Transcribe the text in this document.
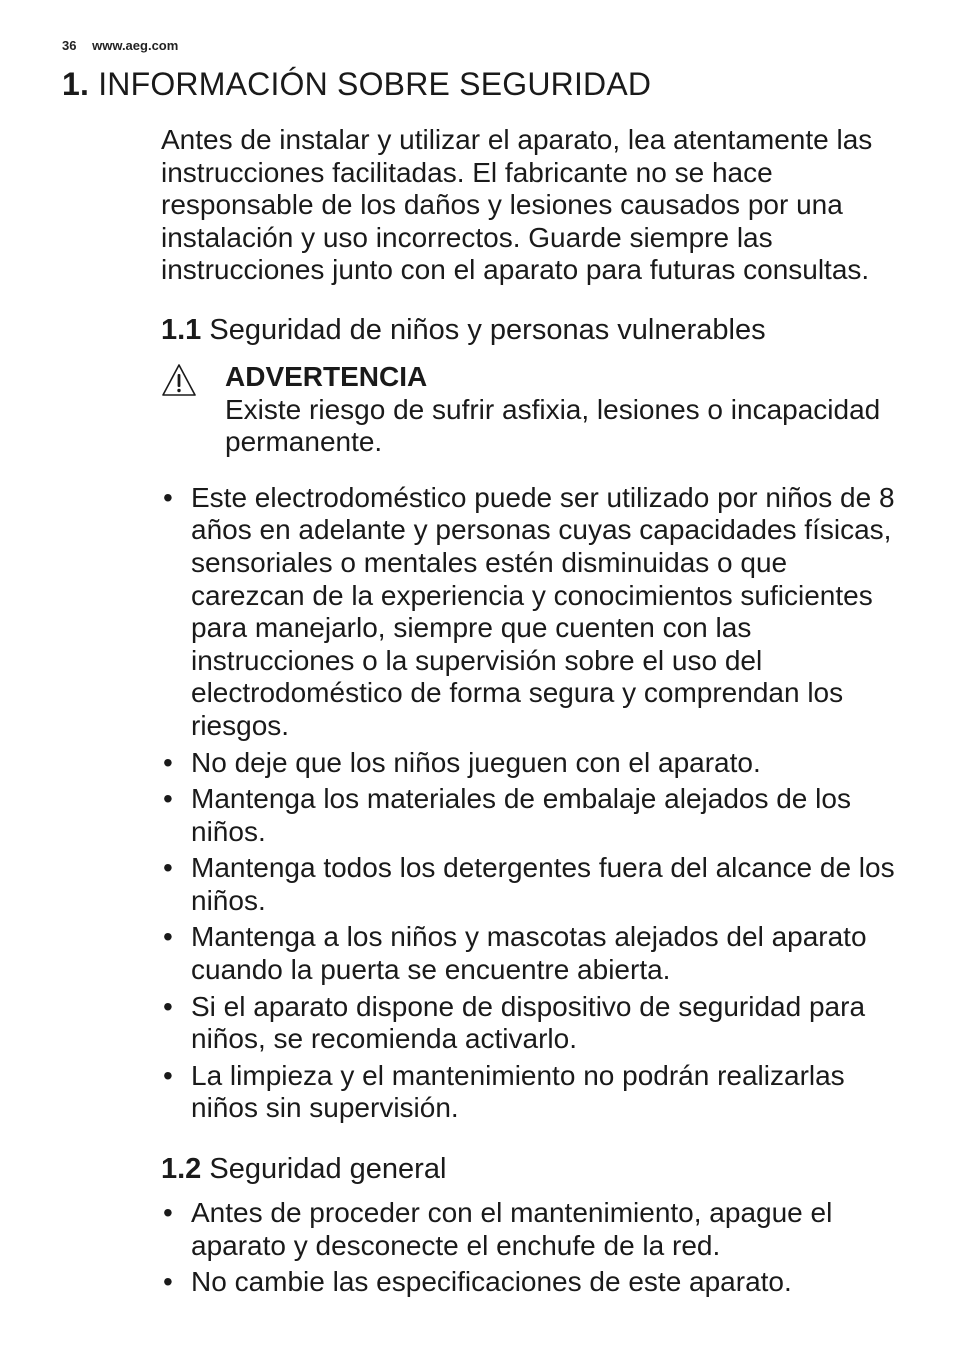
36 www.aeg.com
1. INFORMACIÓN SOBRE SEGURIDAD

Antes de instalar y utilizar el aparato, lea atentamente las instrucciones facilitadas. El fabricante no se hace responsable de los daños y lesiones causados por una instalación y uso incorrectos. Guarde siempre las instrucciones junto con el aparato para futuras consultas.

1.1 Seguridad de niños y personas vulnerables
ADVERTENCIA
Existe riesgo de sufrir asfixia, lesiones o incapacidad permanente.
• Este electrodoméstico puede ser utilizado por niños de 8 años en adelante y personas cuyas capacidades físicas, sensoriales o mentales estén disminuidas o que carezcan de la experiencia y conocimientos suficientes para manejarlo, siempre que cuenten con las instrucciones o la supervisión sobre el uso del electrodoméstico de forma segura y comprendan los riesgos.
• No deje que los niños jueguen con el aparato.
• Mantenga los materiales de embalaje alejados de los niños.
• Mantenga todos los detergentes fuera del alcance de los niños.
• Mantenga a los niños y mascotas alejados del aparato cuando la puerta se encuentre abierta.
• Si el aparato dispone de dispositivo de seguridad para niños, se recomienda activarlo.
• La limpieza y el mantenimiento no podrán realizarlas niños sin supervisión.
1.2 Seguridad general
• Antes de proceder con el mantenimiento, apague el aparato y desconecte el enchufe de la red.
• No cambie las especificaciones de este aparato.
